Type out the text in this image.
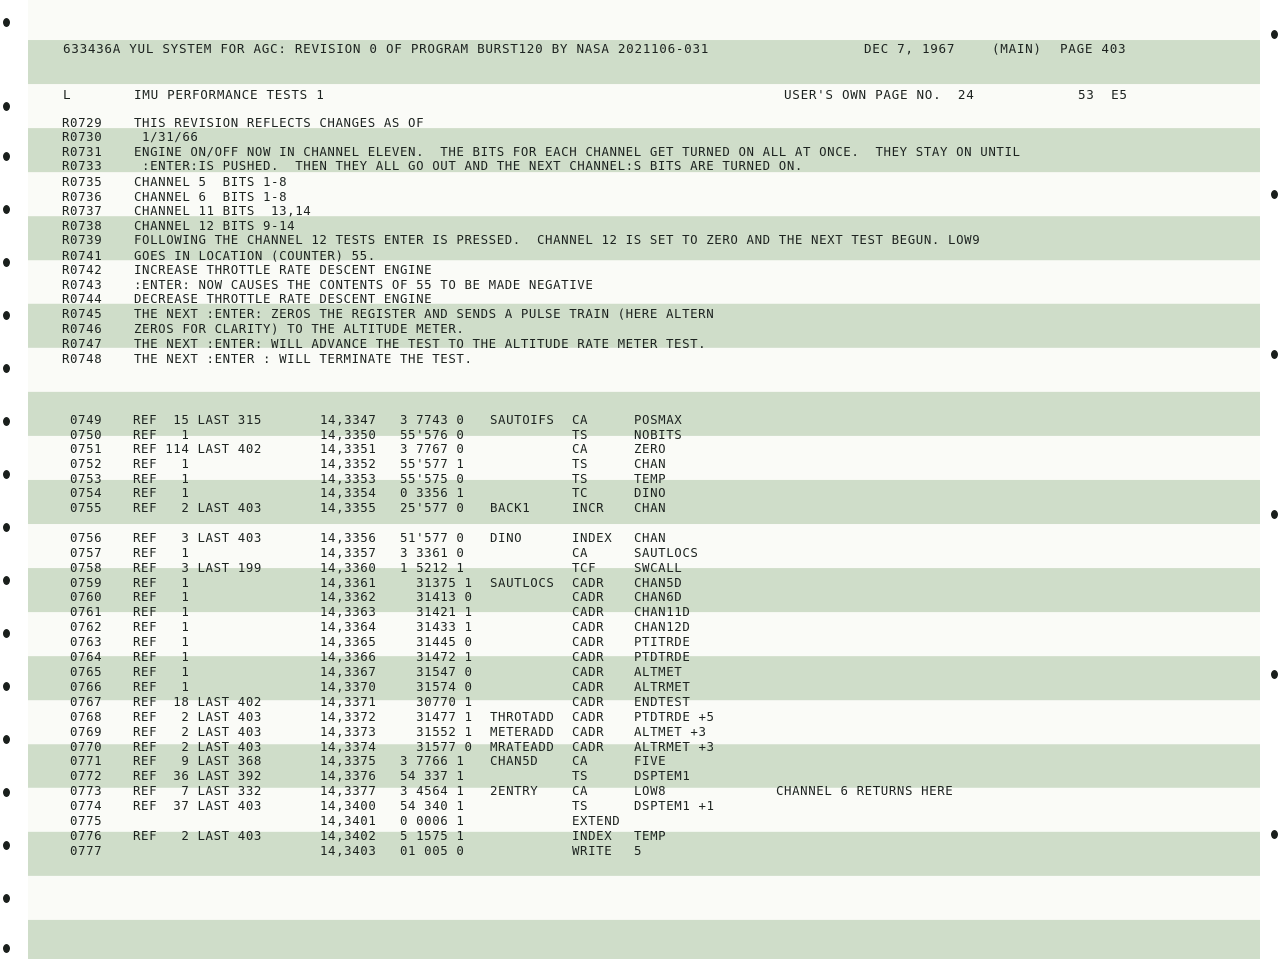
633436A YUL SYSTEM FOR AGC: REVISION 0 OF PROGRAM BURST120 BY NASA 2021106-031	DEC 7, 1967	(MAIN) PAGE 403
L	IMU PERFORMANCE TESTS 1	USER'S OWN PAGE NO.  24	53  E5
R0729	THIS REVISION REFLECTS CHANGES AS OF
R0730	1/31/66
R0731	ENGINE ON/OFF NOW IN CHANNEL ELEVEN.  THE BITS FOR EACH CHANNEL GET TURNED ON ALL AT ONCE.  THEY STAY ON UNTIL
R0733	:ENTER:IS PUSHED.  THEN THEY ALL GO OUT AND THE NEXT CHANNEL:S BITS ARE TURNED ON.
R0735	CHANNEL 5  BITS 1-8
R0736	CHANNEL 6  BITS 1-8
R0737	CHANNEL 11 BITS  13,14
R0738	CHANNEL 12 BITS 9-14
R0739	FOLLOWING THE CHANNEL 12 TESTS ENTER IS PRESSED.  CHANNEL 12 IS SET TO ZERO AND THE NEXT TEST BEGUN. LOW9
R0741	GOES IN LOCATION (COUNTER) 55.
R0742	INCREASE THROTTLE RATE DESCENT ENGINE
R0743	:ENTER: NOW CAUSES THE CONTENTS OF 55 TO BE MADE NEGATIVE
R0744	DECREASE THROTTLE RATE DESCENT ENGINE
R0745	THE NEXT :ENTER: ZEROS THE REGISTER AND SENDS A PULSE TRAIN (HERE ALTERN
R0746	ZEROS FOR CLARITY) TO THE ALTITUDE METER.
R0747	THE NEXT :ENTER: WILL ADVANCE THE TEST TO THE ALTITUDE RATE METER TEST.
R0748	THE NEXT :ENTER : WILL TERMINATE THE TEST.
0749 REF  15 LAST 315	14,3347 3 7743 0 SAUTOIFS CA	POSMAX
0750 REF   1	14,3350 55'576 0	TS	NOBITS
0751 REF 114 LAST 402	14,3351 3 7767 0	CA	ZERO
0752 REF   1	14,3352 55'577 1	TS	CHAN
0753 REF   1	14,3353 55'575 0	TS	TEMP
0754 REF   1	14,3354 0 3356 1	TC	DINO
0755 REF   2 LAST 403	14,3355 25'577 0 BACK1	INCR CHAN
0756 REF   3 LAST 403	14,3356 51'577 0 DINO	INDEX CHAN
0757 REF   1	14,3357 3 3361 0	CA	SAUTLOCS
0758 REF   3 LAST 199	14,3360 1 5212 1	TCF	SWCALL
0759 REF   1	14,3361 31375 1 SAUTLOCS CADR CHAN5D
0760 REF   1	14,3362 31413 0	CADR CHAN6D
0761 REF   1	14,3363 31421 1	CADR CHAN11D
0762 REF   1	14,3364 31433 1	CADR CHAN12D
0763 REF   1	14,3365 31445 0	CADR PTITRDE
0764 REF   1	14,3366 31472 1	CADR PTDTRDE
0765 REF   1	14,3367 31547 0	CADR ALTMET
0766 REF   1	14,3370 31574 0	CADR ALTRMET
0767 REF  18 LAST 402	14,3371 30770 1	CADR ENDTEST
0768 REF   2 LAST 403	14,3372 31477 1 THROTADD CADR PTDTRDE +5
0769 REF   2 LAST 403	14,3373 31552 1 METERADD CADR ALTMET +3
0770 REF   2 LAST 403	14,3374 31577 0 MRATEADD CADR ALTRMET +3
0771 REF   9 LAST 368	14,3375 3 7766 1 CHAN5D	CA	FIVE
0772 REF  36 LAST 392	14,3376 54 337 1	TS	DSPTEM1
0773 REF   7 LAST 332	14,3377 3 4564 1 2ENTRY	CA	LOW8	CHANNEL 6 RETURNS HERE
0774 REF  37 LAST 403	14,3400 54 340 1	TS	DSPTEM1 +1
0775	14,3401 0 0006 1	EXTEND
0776 REF   2 LAST 403	14,3402 5 1575 1	INDEX TEMP
0777	14,3403 01 005 0	WRITE 5
